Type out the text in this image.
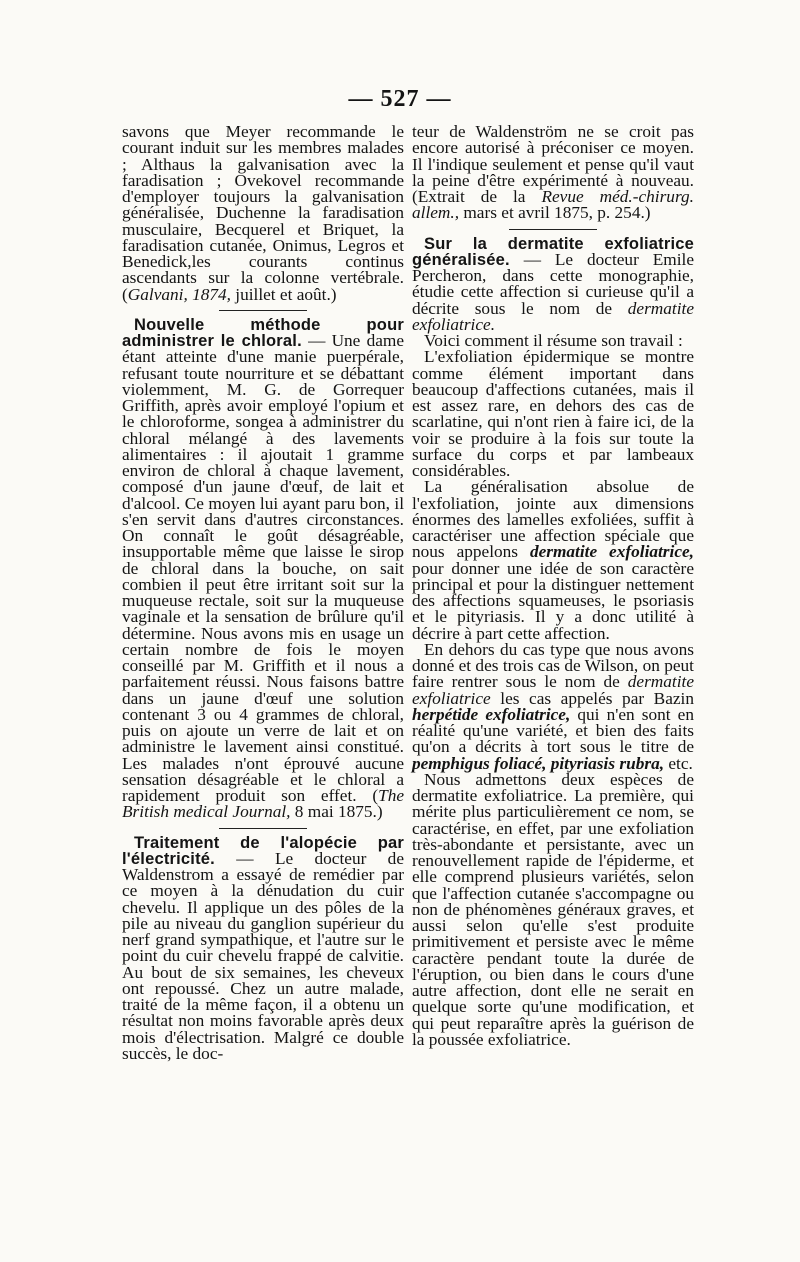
— 527 —

savons que Meyer recommande le courant induit sur les membres malades ; Althaus la galvanisation avec la faradisation ; Ovekovel recommande d'employer toujours la galvanisation généralisée, Duchenne la faradisation musculaire, Becquerel et Briquet, la faradisation cutanée, Onimus, Legros et Benedick,les courants continus ascendants sur la colonne vertébrale. (Galvani, 1874, juillet et août.)

Nouvelle méthode pour administrer le chloral. — Une dame étant atteinte d'une manie puerpérale, refusant toute nourriture et se débattant violemment, M. G. de Gorrequer Griffith, après avoir employé l'opium et le chloroforme, songea à administrer du chloral mélangé à des lavements alimentaires : il ajoutait 1 gramme environ de chloral à chaque lavement, composé d'un jaune d'œuf, de lait et d'alcool. Ce moyen lui ayant paru bon, il s'en servit dans d'autres circonstances. On connaît le goût désagréable, insupportable même que laisse le sirop de chloral dans la bouche, on sait combien il peut être irritant soit sur la muqueuse rectale, soit sur la muqueuse vaginale et la sensation de brûlure qu'il détermine. Nous avons mis en usage un certain nombre de fois le moyen conseillé par M. Griffith et il nous a parfaitement réussi. Nous faisons battre dans un jaune d'œuf une solution contenant 3 ou 4 grammes de chloral, puis on ajoute un verre de lait et on administre le lavement ainsi constitué. Les malades n'ont éprouvé aucune sensation désagréable et le chloral a rapidement produit son effet. (The British medical Journal, 8 mai 1875.)

Traitement de l'alopécie par l'électricité. — Le docteur de Waldenstrom a essayé de remédier par ce moyen à la dénudation du cuir chevelu. Il applique un des pôles de la pile au niveau du ganglion supérieur du nerf grand sympathique, et l'autre sur le point du cuir chevelu frappé de calvitie. Au bout de six semaines, les cheveux ont repoussé. Chez un autre malade, traité de la même façon, il a obtenu un résultat non moins favorable après deux mois d'électrisation. Malgré ce double succès, le doc-

teur de Waldenström ne se croit pas encore autorisé à préconiser ce moyen. Il l'indique seulement et pense qu'il vaut la peine d'être expérimenté à nouveau. (Extrait de la Revue méd.-chirurg. allem., mars et avril 1875, p. 254.)

Sur la dermatite exfoliatrice généralisée. — Le docteur Emile Percheron, dans cette monographie, étudie cette affection si curieuse qu'il a décrite sous le nom de dermatite exfoliatrice.

Voici comment il résume son travail :

L'exfoliation épidermique se montre comme élément important dans beaucoup d'affections cutanées, mais il est assez rare, en dehors des cas de scarlatine, qui n'ont rien à faire ici, de la voir se produire à la fois sur toute la surface du corps et par lambeaux considérables.

La généralisation absolue de l'exfoliation, jointe aux dimensions énormes des lamelles exfoliées, suffit à caractériser une affection spéciale que nous appelons dermatite exfoliatrice, pour donner une idée de son caractère principal et pour la distinguer nettement des affections squameuses, le psoriasis et le pityriasis. Il y a donc utilité à décrire à part cette affection.

En dehors du cas type que nous avons donné et des trois cas de Wilson, on peut faire rentrer sous le nom de dermatite exfoliatrice les cas appelés par Bazin herpétide exfoliatrice, qui n'en sont en réalité qu'une variété, et bien des faits qu'on a décrits à tort sous le titre de pemphigus foliacé, pityriasis rubra, etc.

Nous admettons deux espèces de dermatite exfoliatrice. La première, qui mérite plus particulièrement ce nom, se caractérise, en effet, par une exfoliation très-abondante et persistante, avec un renouvellement rapide de l'épiderme, et elle comprend plusieurs variétés, selon que l'affection cutanée s'accompagne ou non de phénomènes généraux graves, et aussi selon qu'elle s'est produite primitivement et persiste avec le même caractère pendant toute la durée de l'éruption, ou bien dans le cours d'une autre affection, dont elle ne serait en quelque sorte qu'une modification, et qui peut reparaître après la guérison de la poussée exfoliatrice.
